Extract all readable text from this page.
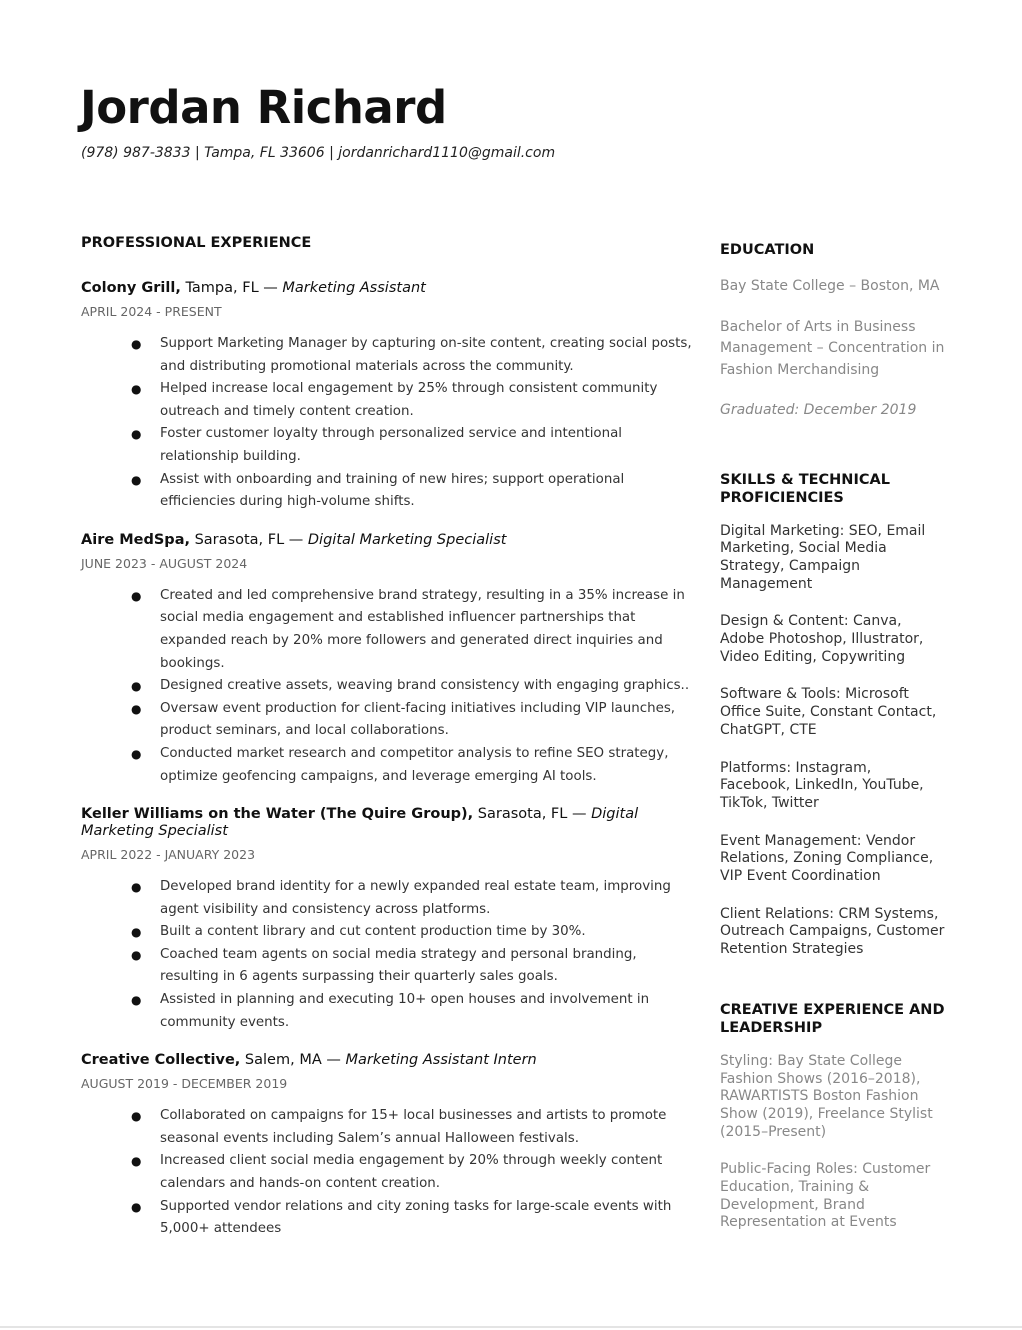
Jordan Richard
(978) 987-3833 | Tampa, FL 33606 | jordanrichard1110@gmail.com
PROFESSIONAL EXPERIENCE
Colony Grill, Tampa, FL — Marketing Assistant
APRIL 2024 - PRESENT
● Support Marketing Manager by capturing on-site content, creating social posts, and distributing promotional materials across the community.
● Helped increase local engagement by 25% through consistent community outreach and timely content creation.
● Foster customer loyalty through personalized service and intentional relationship building.
● Assist with onboarding and training of new hires; support operational efficiencies during high-volume shifts.
Aire MedSpa, Sarasota, FL — Digital Marketing Specialist
JUNE 2023 - AUGUST 2024
● Created and led comprehensive brand strategy, resulting in a 35% increase in social media engagement and established influencer partnerships that expanded reach by 20% more followers and generated direct inquiries and bookings.
● Designed creative assets, weaving brand consistency with engaging graphics..
● Oversaw event production for client-facing initiatives including VIP launches, product seminars, and local collaborations.
● Conducted market research and competitor analysis to refine SEO strategy, optimize geofencing campaigns, and leverage emerging AI tools.
Keller Williams on the Water (The Quire Group), Sarasota, FL — Digital Marketing Specialist
APRIL 2022 - JANUARY 2023
● Developed brand identity for a newly expanded real estate team, improving agent visibility and consistency across platforms.
● Built a content library and cut content production time by 30%.
● Coached team agents on social media strategy and personal branding, resulting in 6 agents surpassing their quarterly sales goals.
● Assisted in planning and executing 10+ open houses and involvement in community events.
Creative Collective, Salem, MA — Marketing Assistant Intern
AUGUST 2019 - DECEMBER 2019
● Collaborated on campaigns for 15+ local businesses and artists to promote seasonal events including Salem’s annual Halloween festivals.
● Increased client social media engagement by 20% through weekly content calendars and hands-on content creation.
● Supported vendor relations and city zoning tasks for large-scale events with 5,000+ attendees
EDUCATION

Bay State College – Boston, MA

Bachelor of Arts in Business Management – Concentration in Fashion Merchandising

Graduated: December 2019

SKILLS & TECHNICAL PROFICIENCIES

Digital Marketing: SEO, Email Marketing, Social Media Strategy, Campaign Management

Design & Content: Canva, Adobe Photoshop, Illustrator, Video Editing, Copywriting

Software & Tools: Microsoft Office Suite, Constant Contact, ChatGPT, CTE

Platforms: Instagram, Facebook, LinkedIn, YouTube, TikTok, Twitter

Event Management: Vendor Relations, Zoning Compliance, VIP Event Coordination

Client Relations: CRM Systems, Outreach Campaigns, Customer Retention Strategies

CREATIVE EXPERIENCE AND LEADERSHIP

Styling: Bay State College Fashion Shows (2016–2018), RAWARTISTS Boston Fashion Show (2019), Freelance Stylist (2015–Present)

Public-Facing Roles: Customer Education, Training & Development, Brand Representation at Events
